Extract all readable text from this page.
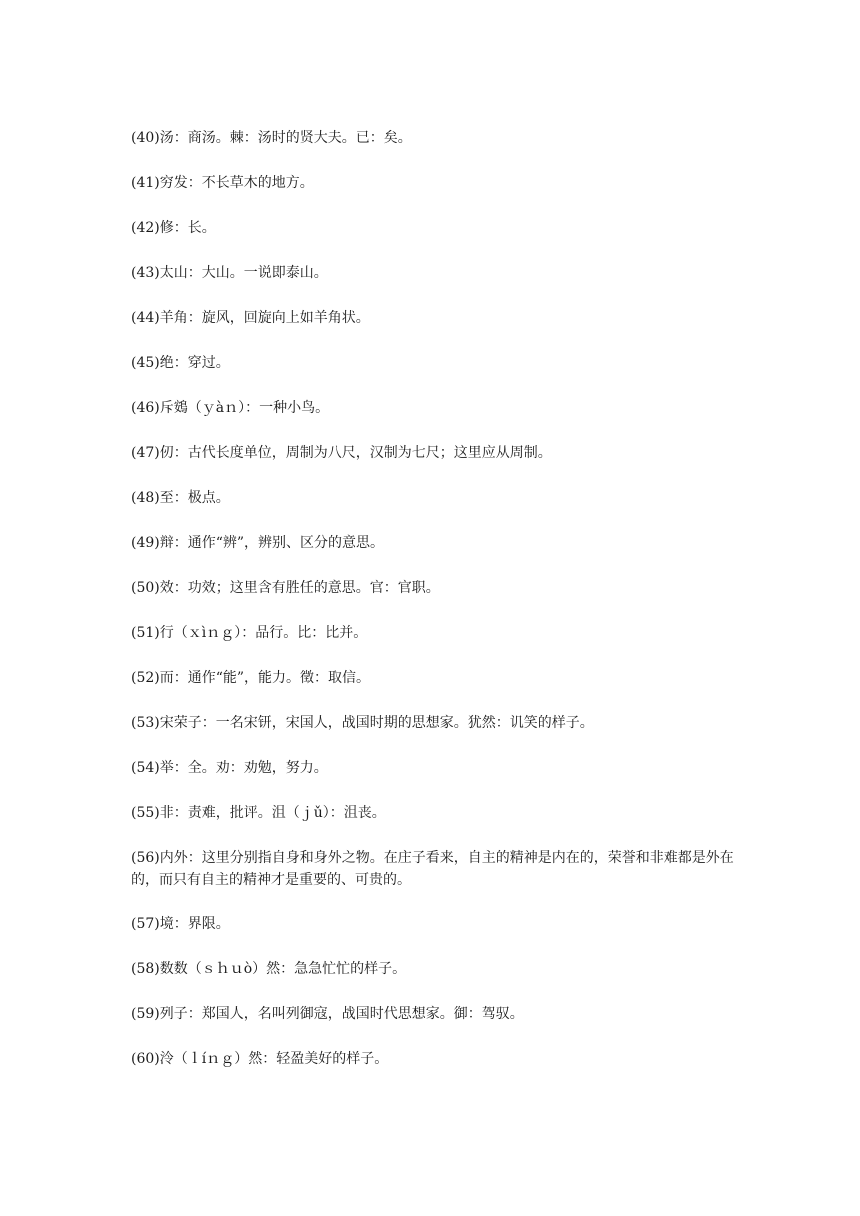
(40)汤：商汤。棘：汤时的贤大夫。已：矣。
(41)穷发：不长草木的地方。
(42)修：长。
(43)太山：大山。一说即泰山。
(44)羊角：旋风，回旋向上如羊角状。
(45)绝：穿过。
(46)斥鴳（ｙàｎ）：一种小鸟。
(47)仞：古代长度单位，周制为八尺，汉制为七尺；这里应从周制。
(48)至：极点。
(49)辩：通作“辨”，辨别、区分的意思。
(50)效：功效；这里含有胜任的意思。官：官职。
(51)行（ｘìｎｇ）：品行。比：比并。
(52)而：通作“能”，能力。徵：取信。
(53)宋荣子：一名宋钘，宋国人，战国时期的思想家。犹然：讥笑的样子。
(54)举：全。劝：劝勉，努力。
(55)非：责难，批评。沮（ｊǔ）：沮丧。
(56)内外：这里分别指自身和身外之物。在庄子看来，自主的精神是内在的，荣誉和非难都是外在的，而只有自主的精神才是重要的、可贵的。
(57)境：界限。
(58)数数（ｓｈｕò）然：急急忙忙的样子。
(59)列子：郑国人，名叫列御寇，战国时代思想家。御：驾驭。
(60)泠（ｌíｎｇ）然：轻盈美好的样子。
